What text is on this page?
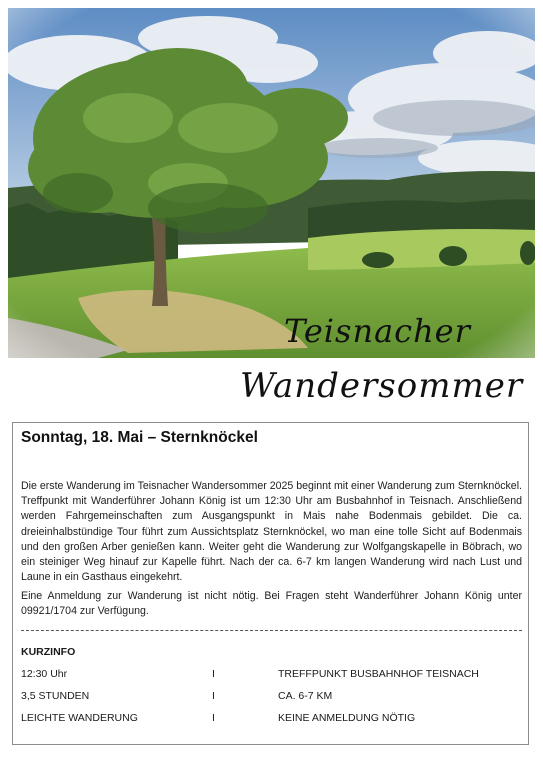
Teisnacher
Wandersommer
Sonntag, 18. Mai – Sternknöckel

Die erste Wanderung im Teisnacher Wandersommer 2025 beginnt mit einer Wanderung zum Sternknöckel. Treffpunkt mit Wanderführer Johann König ist um 12:30 Uhr am Busbahnhof in Teisnach. Anschließend werden Fahrgemeinschaften zum Ausgangspunkt in Mais nahe Bodenmais gebildet. Die ca. dreieinhalbstündige Tour führt zum Aussichtsplatz Sternknöckel, wo man eine tolle Sicht auf Bodenmais und den großen Arber genießen kann. Weiter geht die Wanderung zur Wolfgangskapelle in Böbrach, wo ein steiniger Weg hinauf zur Kapelle führt. Nach der ca. 6-7 km langen Wanderung wird nach Lust und Laune in ein Gasthaus eingekehrt.

Eine Anmeldung zur Wanderung ist nicht nötig. Bei Fragen steht Wanderführer Johann König unter 09921/1704 zur Verfügung.

KURZINFO
12:30 Uhr	I	TREFFPUNKT BUSBAHNHOF TEISNACH
3,5 STUNDEN	I	CA. 6-7 KM
LEICHTE WANDERUNG	I	KEINE ANMELDUNG NÖTIG
